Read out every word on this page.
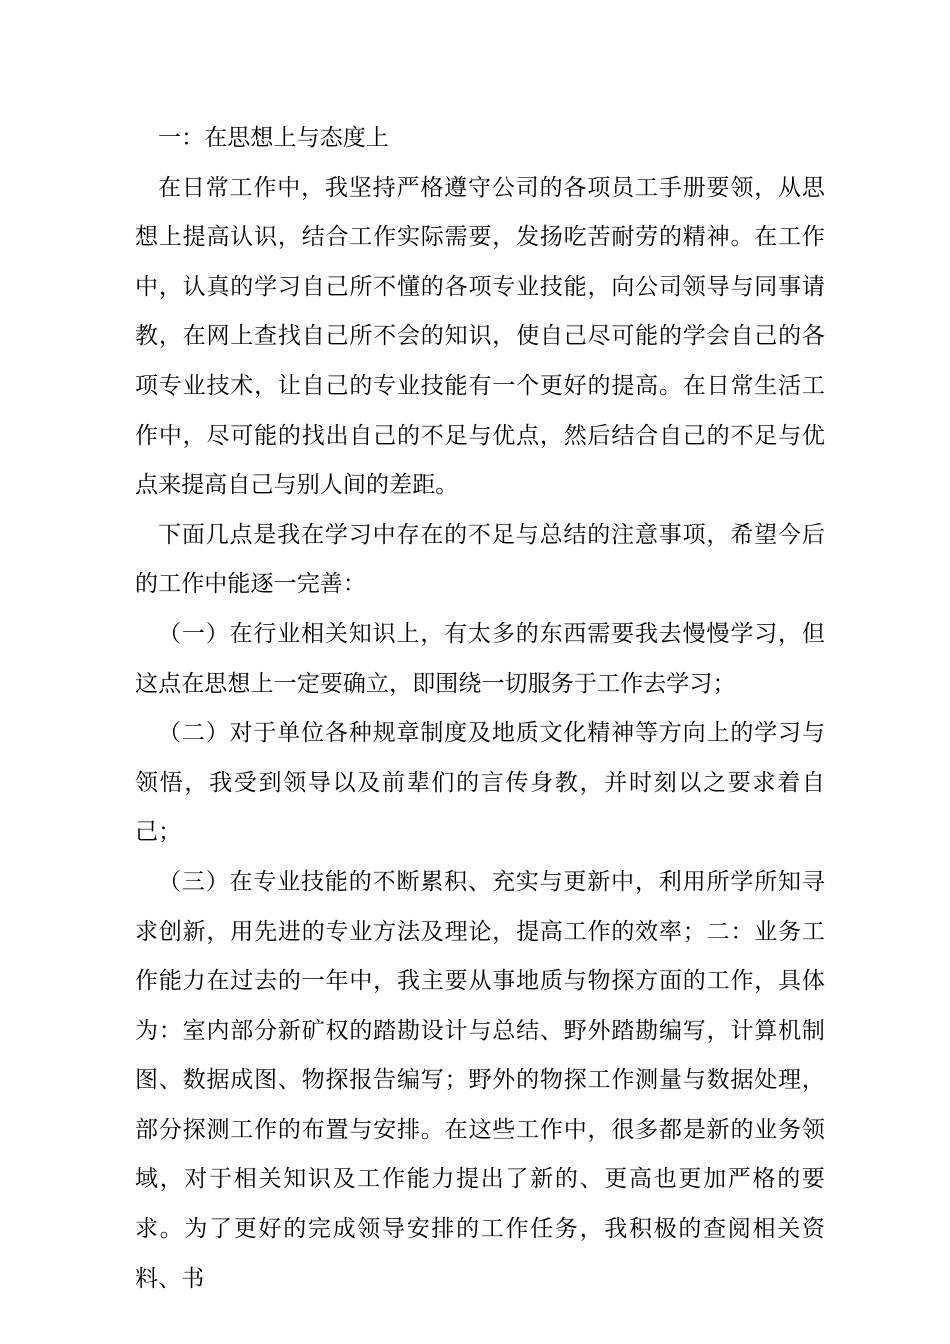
一：在思想上与态度上

在日常工作中，我坚持严格遵守公司的各项员工手册要领，从思想上提高认识，结合工作实际需要，发扬吃苦耐劳的精神。在工作中，认真的学习自己所不懂的各项专业技能，向公司领导与同事请教，在网上查找自己所不会的知识，使自己尽可能的学会自己的各项专业技术，让自己的专业技能有一个更好的提高。在日常生活工作中，尽可能的找出自己的不足与优点，然后结合自己的不足与优点来提高自己与别人间的差距。

下面几点是我在学习中存在的不足与总结的注意事项，希望今后的工作中能逐一完善：

（一）在行业相关知识上，有太多的东西需要我去慢慢学习，但这点在思想上一定要确立，即围绕一切服务于工作去学习；

（二）对于单位各种规章制度及地质文化精神等方向上的学习与领悟，我受到领导以及前辈们的言传身教，并时刻以之要求着自己；

（三）在专业技能的不断累积、充实与更新中，利用所学所知寻求创新，用先进的专业方法及理论，提高工作的效率；二：业务工作能力在过去的一年中，我主要从事地质与物探方面的工作，具体为：室内部分新矿权的踏勘设计与总结、野外踏勘编写，计算机制图、数据成图、物探报告编写；野外的物探工作测量与数据处理，部分探测工作的布置与安排。在这些工作中，很多都是新的业务领域，对于相关知识及工作能力提出了新的、更高也更加严格的要求。为了更好的完成领导安排的工作任务，我积极的查阅相关资料、书
